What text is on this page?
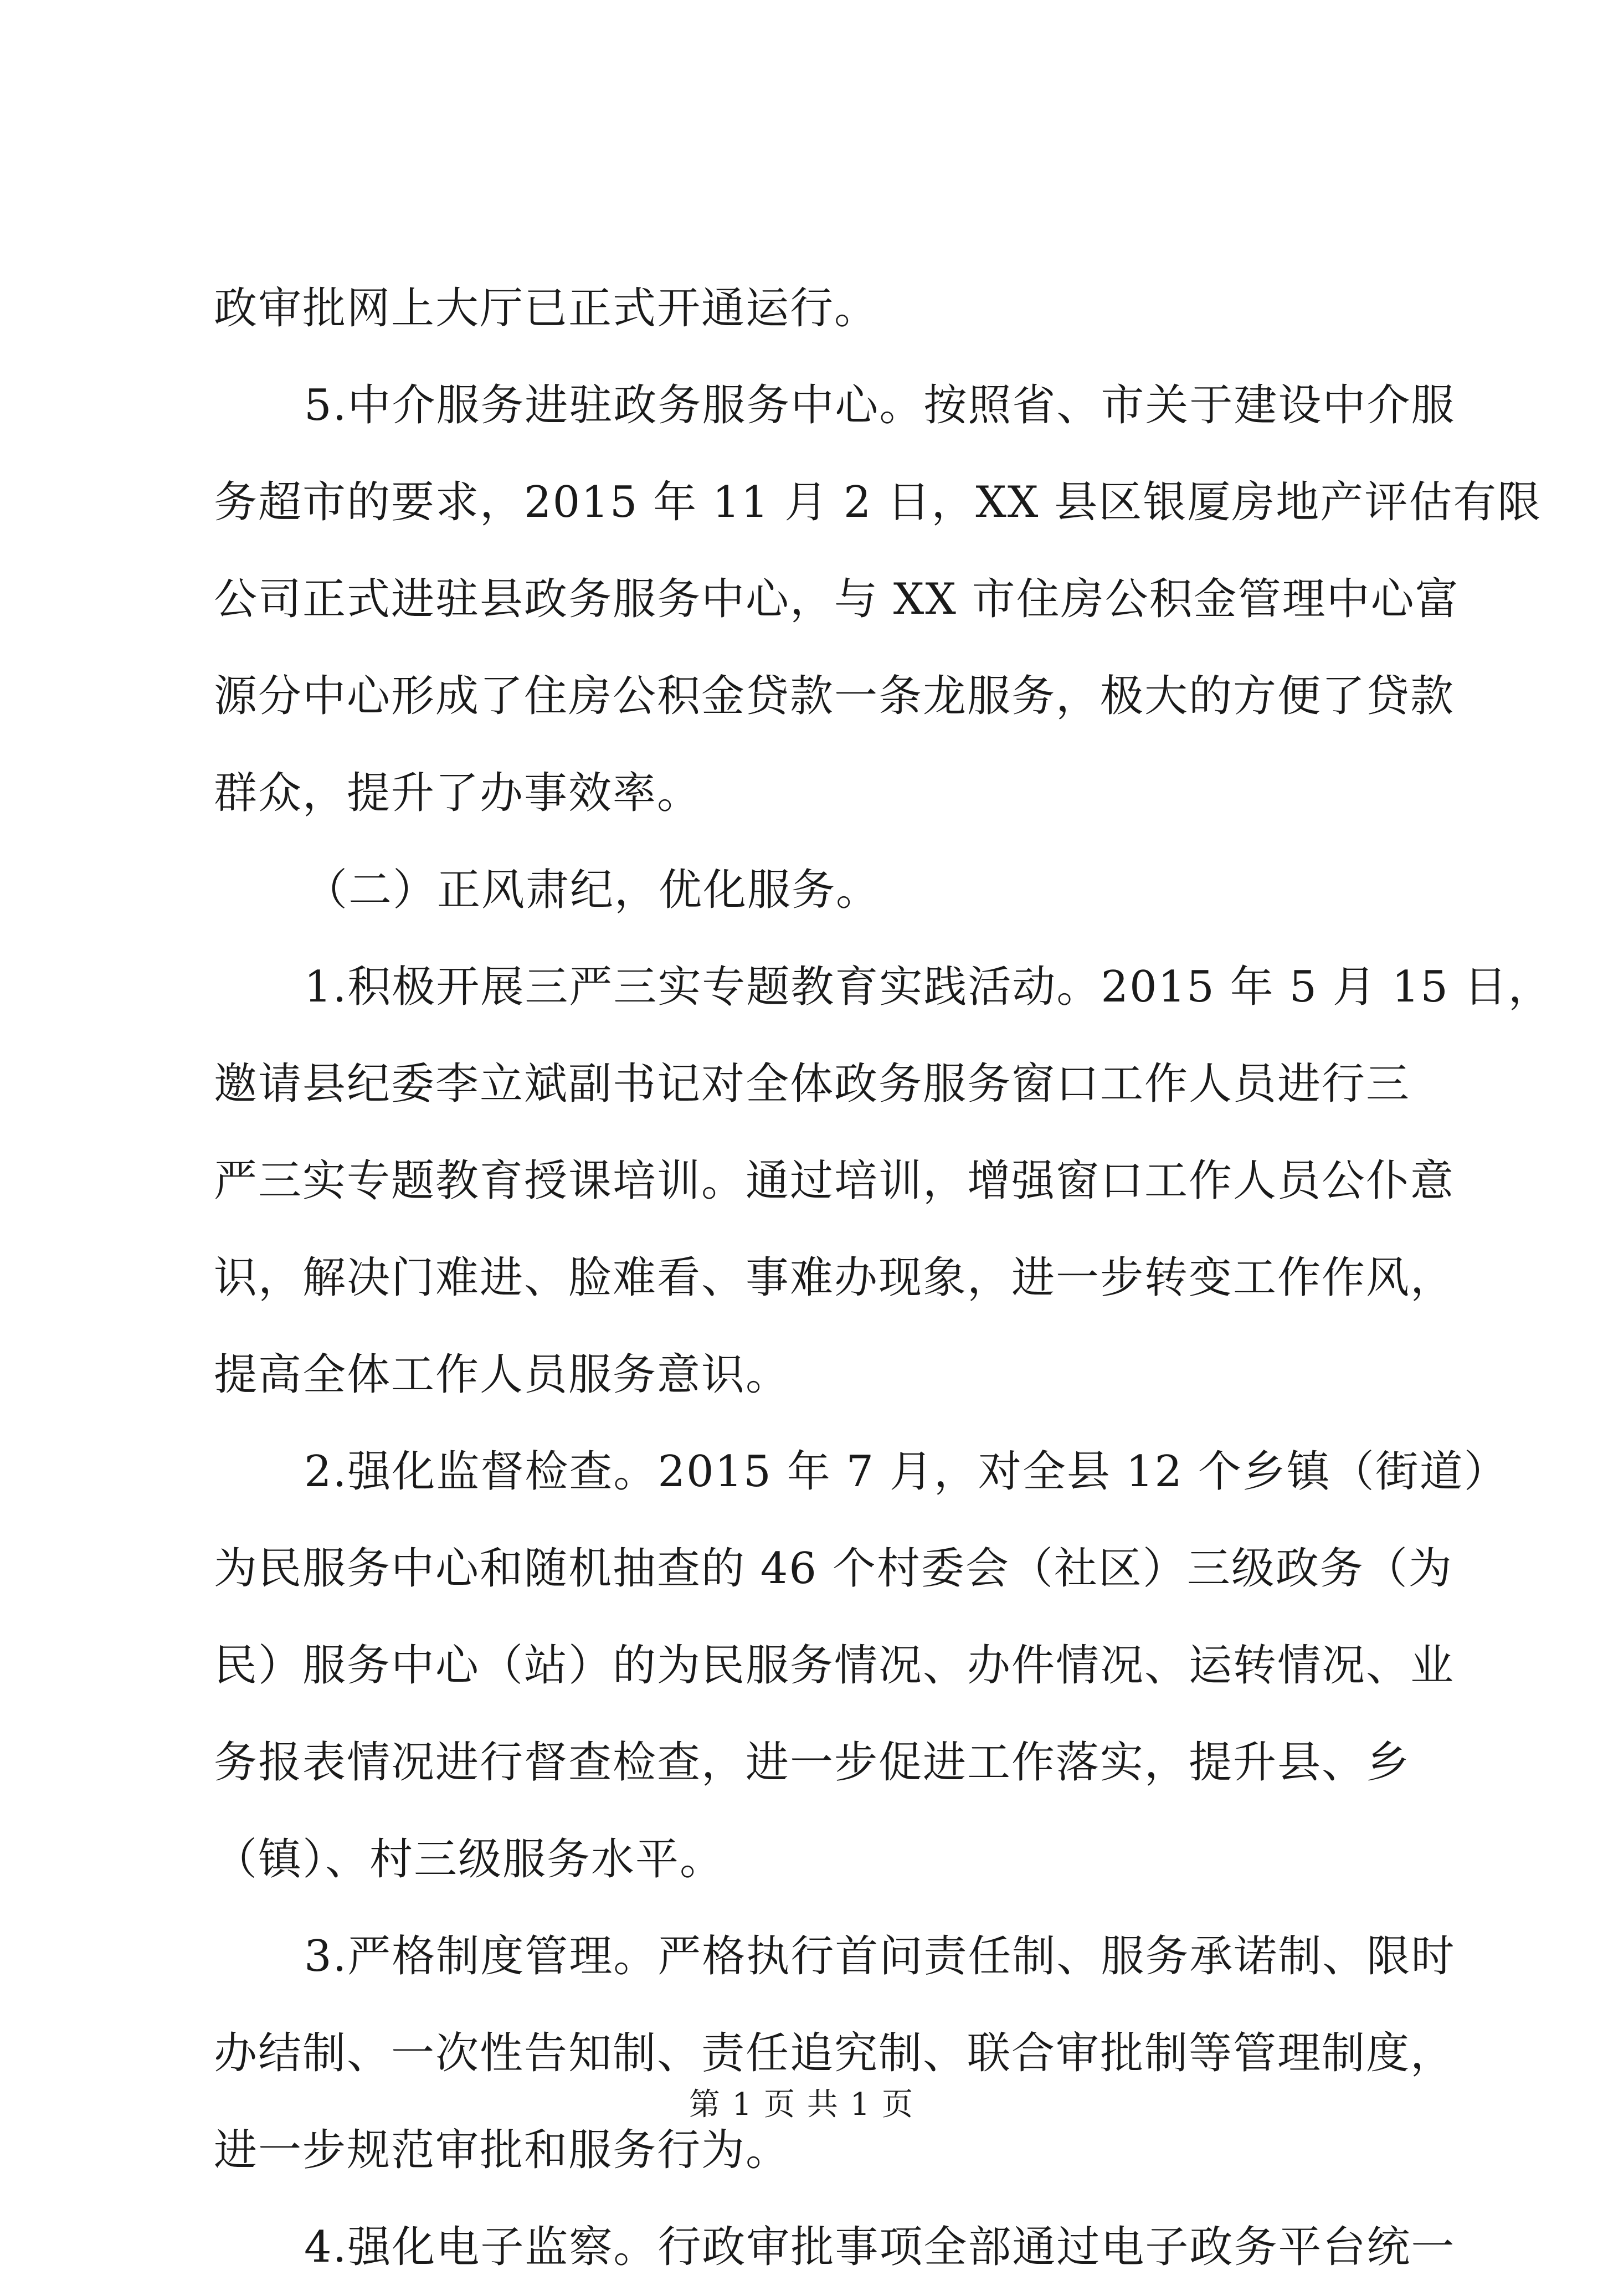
政审批网上大厅已正式开通运行。
5.中介服务进驻政务服务中心。按照省、市关于建设中介服
务超市的要求，2015 年 11 月 2 日，XX 县区银厦房地产评估有限
公司正式进驻县政务服务中心，与 XX 市住房公积金管理中心富
源分中心形成了住房公积金贷款一条龙服务，极大的方便了贷款
群众，提升了办事效率。
（二）正风肃纪，优化服务。
1.积极开展三严三实专题教育实践活动。2015 年 5 月 15 日，
邀请县纪委李立斌副书记对全体政务服务窗口工作人员进行三
严三实专题教育授课培训。通过培训，增强窗口工作人员公仆意
识，解决门难进、脸难看、事难办现象，进一步转变工作作风，
提高全体工作人员服务意识。
2.强化监督检查。2015 年 7 月，对全县 12 个乡镇（街道）
为民服务中心和随机抽查的 46 个村委会（社区）三级政务（为
民）服务中心（站）的为民服务情况、办件情况、运转情况、业
务报表情况进行督查检查，进一步促进工作落实，提升县、乡
（镇）、村三级服务水平。
3.严格制度管理。严格执行首问责任制、服务承诺制、限时
办结制、一次性告知制、责任追究制、联合审批制等管理制度，
进一步规范审批和服务行为。
4.强化电子监察。行政审批事项全部通过电子政务平台统一
第 1 页 共 1 页
